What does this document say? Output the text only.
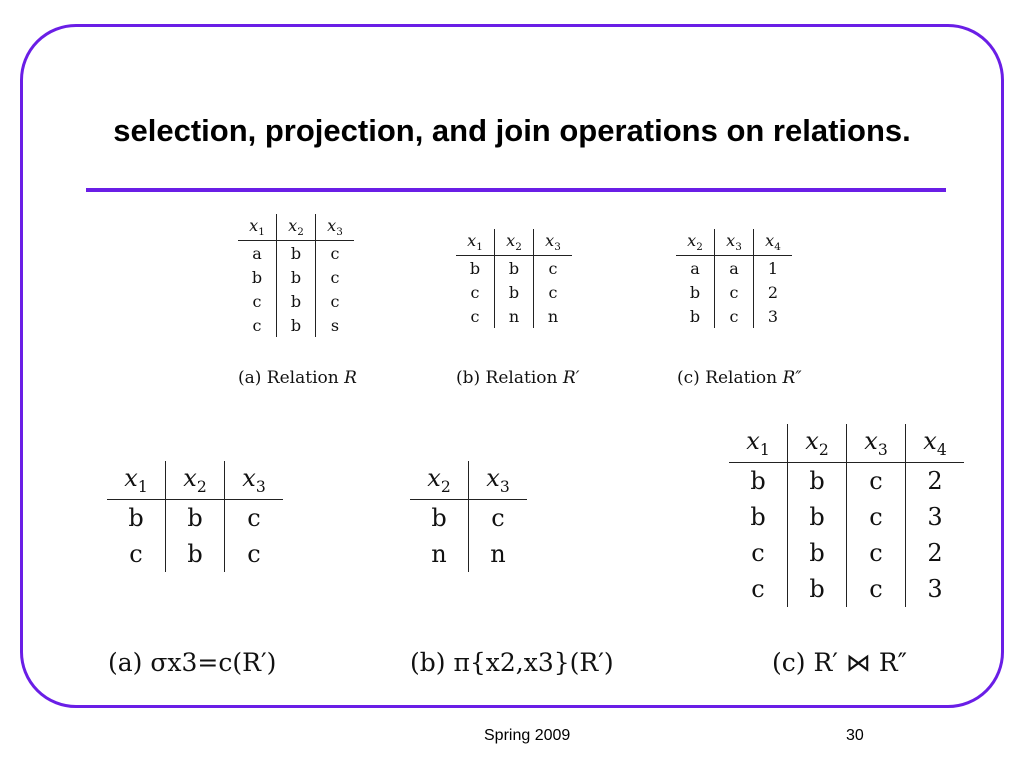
selection, projection, and join operations on relations.
$x_1$	$x_2$	$x_3$
a	b	c
b	b	c
c	b	c
c	b	s
$x_1$	$x_2$	$x_3$
b	b	c
c	b	c
c	n	n
$x_2$	$x_3$	$x_4$
a	a	1
b	c	2
b	c	3
(a) Relation R	(b) Relation R′	(c) Relation R″
$x_1$	$x_2$	$x_3$
b	b	c
c	b	c
$x_2$	$x_3$
b	c
n	n
$x_1$	$x_2$	$x_3$	$x_4$
b	b	c	2
b	b	c	3
c	b	c	2
c	b	c	3
(a) σx3=c(R′)	(b) π{x2,x3}(R′)	(c) R′ ⋈ R″
Spring 2009	30
